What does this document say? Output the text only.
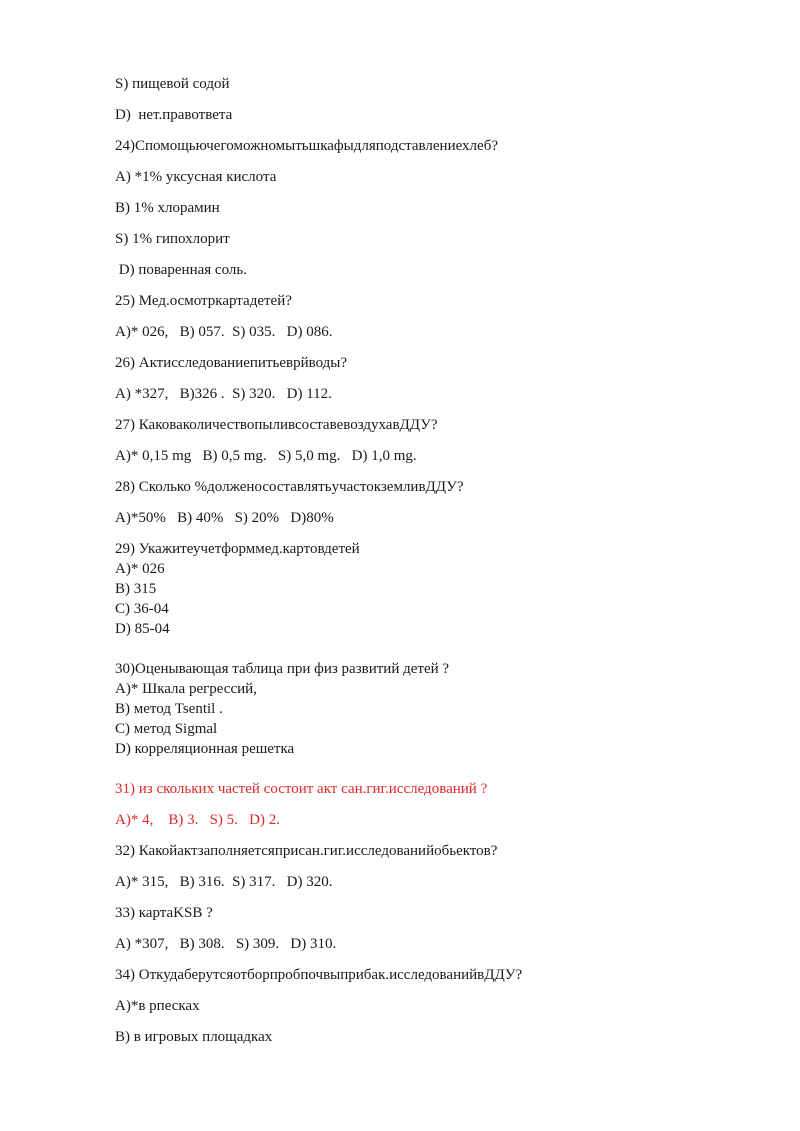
S) пищевой содой

D)  нет.правответа

24)Спомощьючегоможномытьшкафыдляподставлениехлеб?

A) *1% уксусная кислота

B) 1% хлорамин

S) 1% гипохлорит

D) поваренная соль.

25) Мед.осмотркартадетей?

A)* 026,   B) 057.  S) 035.   D) 086.

26) Актисследованиепитьеврйводы?

A) *327,   B)326 .  S) 320.   D) 112.

27) КаковаколичествопыливсоставевоздухавДДУ?

A)* 0,15 mg   B) 0,5 mg.   S) 5,0 mg.   D) 1,0 mg.

28) Сколько %долженосоставлятьучастокземливДДУ?

A)*50%   B) 40%   S) 20%   D)80%

29) Укажитеучетформмед.картовдетей

A)* 026

B) 315

C) 36-04

D) 85-04

30)Оценывающая таблица при физ развитий детей ?

A)* Шкала регрессий,

B) метод Tsentil .

C) метод Sigmal

D) корреляционная решетка

31) из скольких частей состоит акт сан.гиг.исследований ?

A)* 4,    B) 3.   S) 5.   D) 2.

32) Какойактзаполняетсяприсан.гиг.исследованийобьектов?

A)* 315,   B) 316.  S) 317.   D) 320.

33) картаKSB ?

A) *307,   B) 308.   S) 309.   D) 310.

34) Откудаберутсяотборпробпочвыприбак.исследованийвДДУ?

A)*в рпесках

B) в игровых площадках
